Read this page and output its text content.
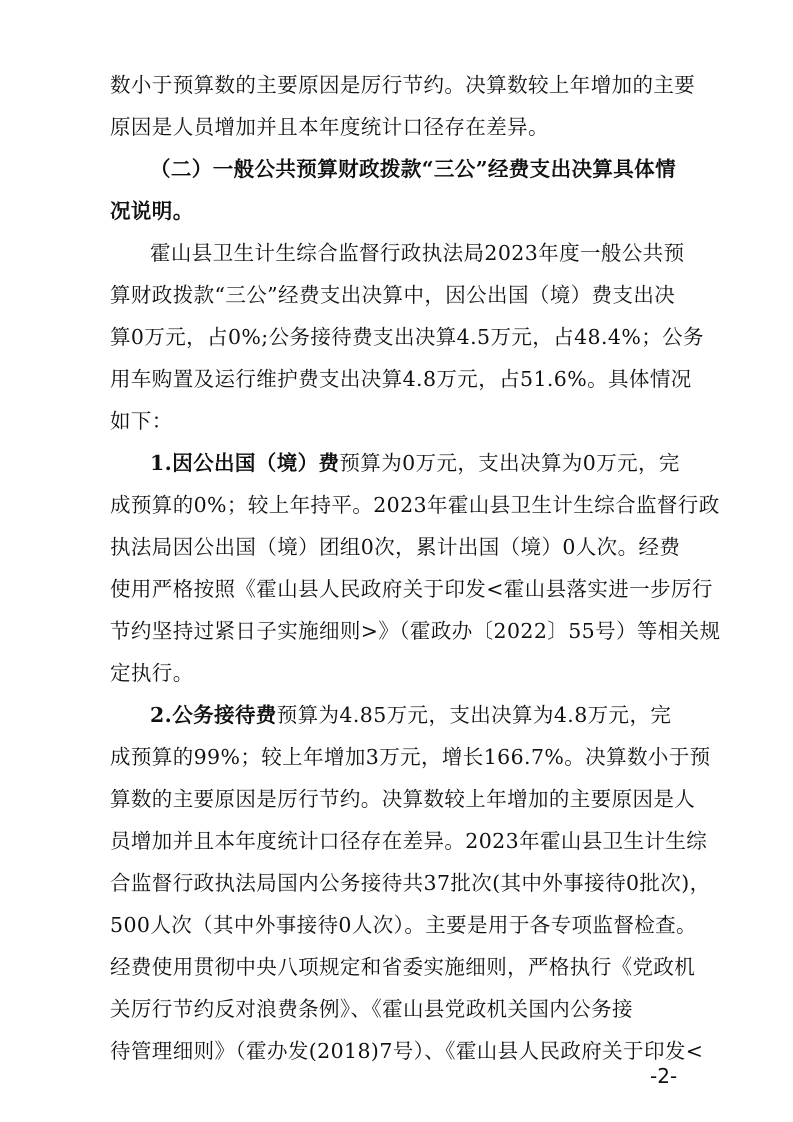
数小于预算数的主要原因是厉行节约。决算数较上年增加的主要
原因是人员增加并且本年度统计口径存在差异。
（二）一般公共预算财政拨款“三公”经费支出决算具体情
况说明。
霍山县卫生计生综合监督行政执法局2023年度一般公共预
算财政拨款“三公”经费支出决算中，因公出国（境）费支出决
算0万元，占0%;公务接待费支出决算4.5万元，占48.4%；公务
用车购置及运行维护费支出决算4.8万元，占51.6%。具体情况
如下：
1.因公出国（境）费预算为0万元，支出决算为0万元，完
成预算的0%；较上年持平。2023年霍山县卫生计生综合监督行政
执法局因公出国（境）团组0次，累计出国（境）0人次。经费
使用严格按照《霍山县人民政府关于印发<霍山县落实进一步厉行
节约坚持过紧日子实施细则>》（霍政办〔2022〕55号）等相关规
定执行。
2.公务接待费预算为4.85万元，支出决算为4.8万元，完
成预算的99%；较上年增加3万元，增长166.7%。决算数小于预
算数的主要原因是厉行节约。决算数较上年增加的主要原因是人
员增加并且本年度统计口径存在差异。2023年霍山县卫生计生综
合监督行政执法局国内公务接待共37批次(其中外事接待0批次)，
500人次（其中外事接待0人次）。主要是用于各专项监督检查。
经费使用贯彻中央八项规定和省委实施细则，严格执行《党政机
关厉行节约反对浪费条例》、《霍山县党政机关国内公务接
待管理细则》（霍办发(2018)7号）、《霍山县人民政府关于印发<
-2-
